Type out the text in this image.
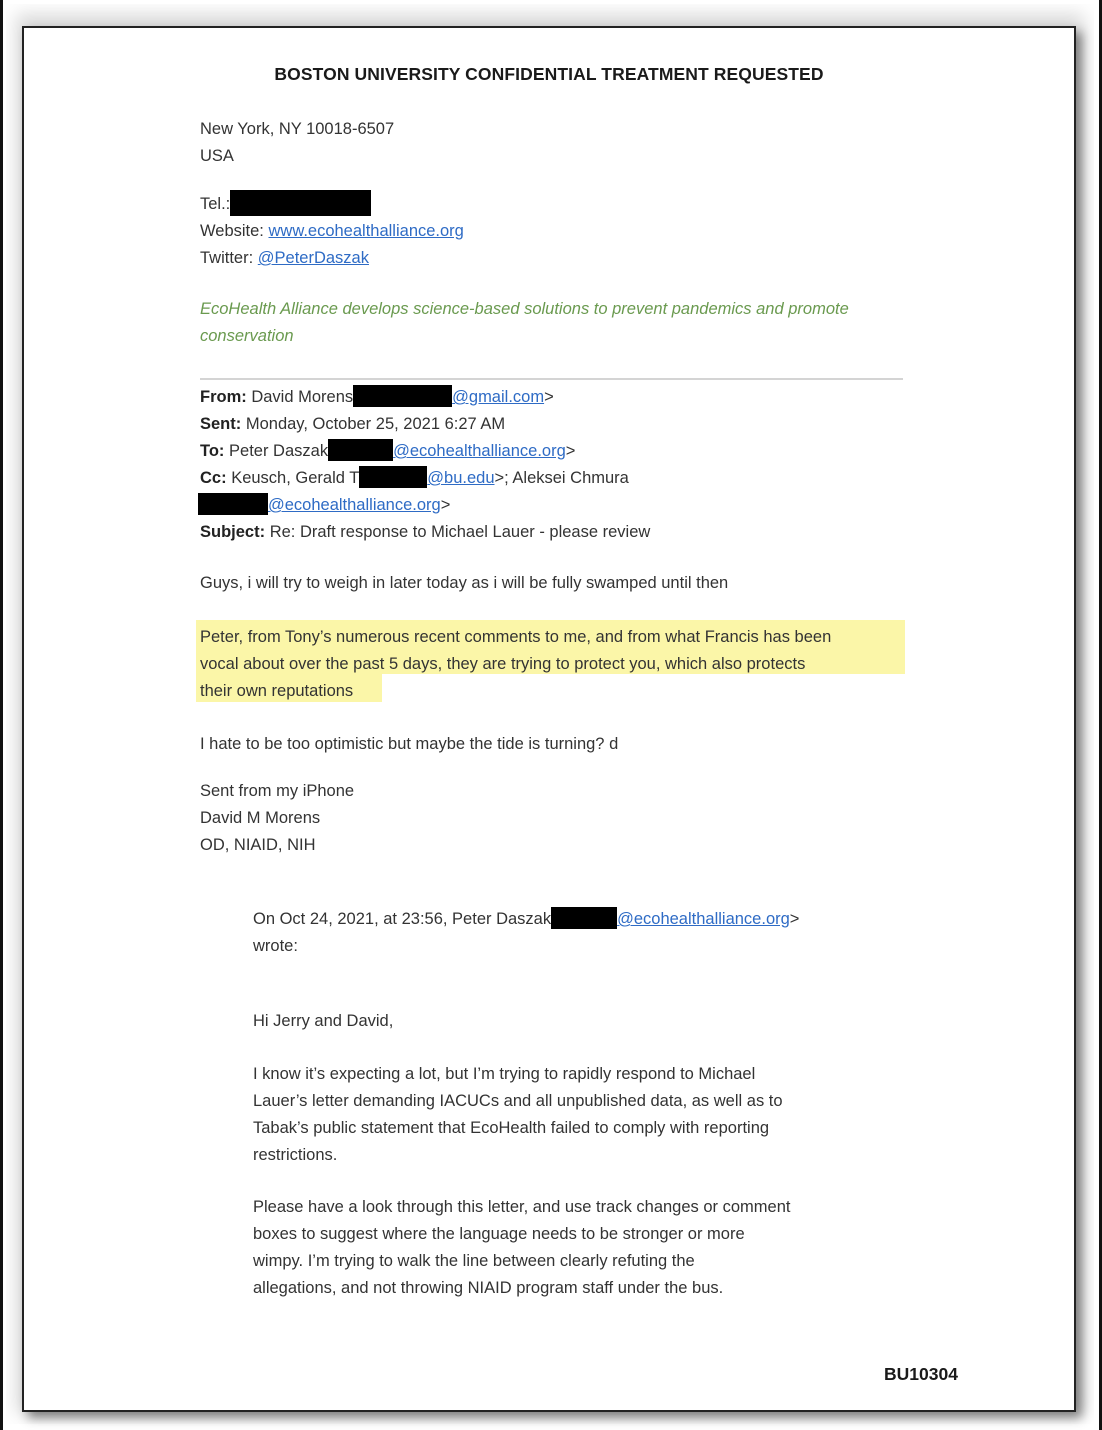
BOSTON UNIVERSITY CONFIDENTIAL TREATMENT REQUESTED
New York, NY 10018-6507
USA
Tel.:
Website: www.ecohealthalliance.org
Twitter: @PeterDaszak
EcoHealth Alliance develops science-based solutions to prevent pandemics and promote
conservation
From: David Morens	@gmail.com>
Sent: Monday, October 25, 2021 6:27 AM
To: Peter Daszak	@ecohealthalliance.org>
Cc: Keusch, Gerald T	@bu.edu>; Aleksei Chmura
@ecohealthalliance.org>
Subject: Re: Draft response to Michael Lauer - please review
Guys, i will try to weigh in later today as i will be fully swamped until then
Peter, from Tony’s numerous recent comments to me, and from what Francis has been
vocal about over the past 5 days, they are trying to protect you, which also protects
their own reputations
I hate to be too optimistic but maybe the tide is turning? d
Sent from my iPhone
David M Morens
OD, NIAID, NIH
On Oct 24, 2021, at 23:56, Peter Daszak	@ecohealthalliance.org>
wrote:
Hi Jerry and David,
I know it’s expecting a lot, but I’m trying to rapidly respond to Michael
Lauer’s letter demanding IACUCs and all unpublished data, as well as to
Tabak’s public statement that EcoHealth failed to comply with reporting
restrictions.
Please have a look through this letter, and use track changes or comment
boxes to suggest where the language needs to be stronger or more
wimpy. I’m trying to walk the line between clearly refuting the
allegations, and not throwing NIAID program staff under the bus.
BU10304
